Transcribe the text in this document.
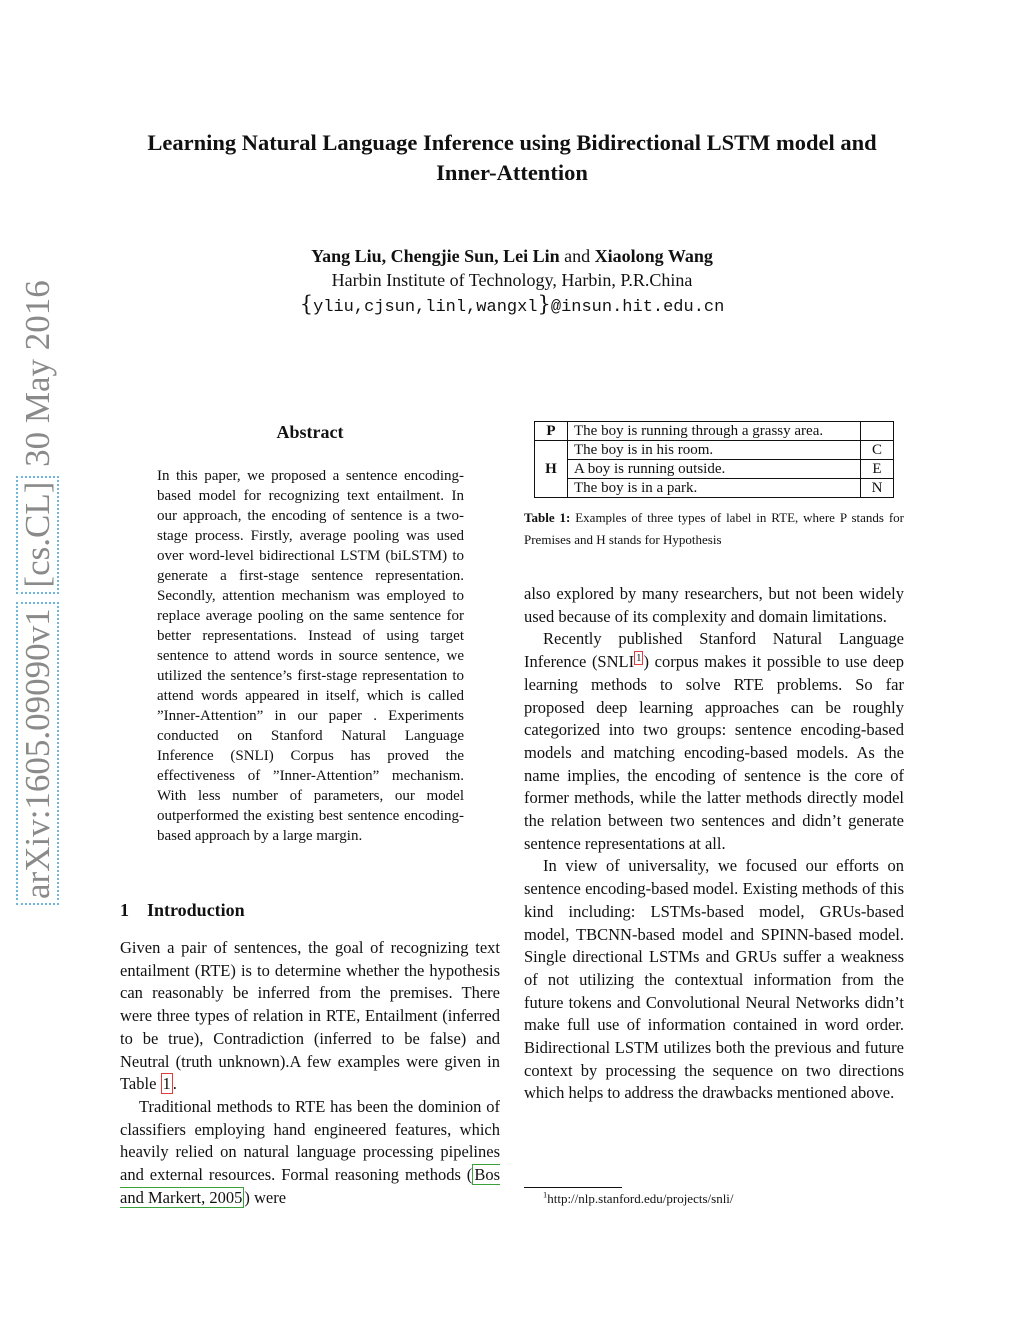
Learning Natural Language Inference using Bidirectional LSTM model and
Inner-Attention
Yang Liu, Chengjie Sun, Lei Lin and Xiaolong Wang
Harbin Institute of Technology, Harbin, P.R.China
{yliu,cjsun,linl,wangxl}@insun.hit.edu.cn
arXiv:1605.09090v1 [cs.CL] 30 May 2016	Abstract
In this paper, we proposed a sentence encoding-based model for recognizing text entailment. In our approach, the encoding of sentence is a two-stage process. Firstly, average pooling was used over word-level bidirectional LSTM (biLSTM) to generate a first-stage sentence representation. Secondly, attention mechanism was employed to replace average pooling on the same sentence for better representations. Instead of using target sentence to attend words in source sentence, we utilized the sentence’s first-stage representation to attend words appeared in itself, which is called ”Inner-Attention” in our paper . Experiments conducted on Stanford Natural Language Inference (SNLI) Corpus has proved the effectiveness of ”Inner-Attention” mechanism. With less number of parameters, our model outperformed the existing best sentence encoding-based approach by a large margin.
1 Introduction

Given a pair of sentences, the goal of recognizing text entailment (RTE) is to determine whether the hypothesis can reasonably be inferred from the premises. There were three types of relation in RTE, Entailment (inferred to be true), Contradiction (inferred to be false) and Neutral (truth unknown).A few examples were given in Table 1 .

Traditional methods to RTE has been the dominion of classifiers employing hand engineered features, which heavily relied on natural language processing pipelines and external resources. Formal reasoning methods ( Bos and Markert, 2005 ) were

P	The boy is running through a grassy area.	
H	The boy is in his room.	C
	A boy is running outside.	E
	The boy is in a park.	N
Table 1: Examples of three types of label in RTE, where P stands for Premises and H stands for Hypothesis

also explored by many researchers, but not been widely used because of its complexity and domain limitations.

Recently published Stanford Natural Language Inference (SNLI $^1$ ) corpus makes it possible to use deep learning methods to solve RTE problems. So far proposed deep learning approaches can be roughly categorized into two groups: sentence encoding-based models and matching encoding-based models. As the name implies, the encoding of sentence is the core of former methods, while the latter methods directly model the relation between two sentences and didn’t generate sentence representations at all.

In view of universality, we focused our efforts on sentence encoding-based model. Existing methods of this kind including: LSTMs-based model, GRUs-based model, TBCNN-based model and SPINN-based model. Single directional LSTMs and GRUs suffer a weakness of not utilizing the contextual information from the future tokens and Convolutional Neural Networks didn’t make full use of information contained in word order. Bidirectional LSTM utilizes both the previous and future context by processing the sequence on two directions which helps to address the drawbacks mentioned above.

$^1$http://nlp.stanford.edu/projects/snli/
